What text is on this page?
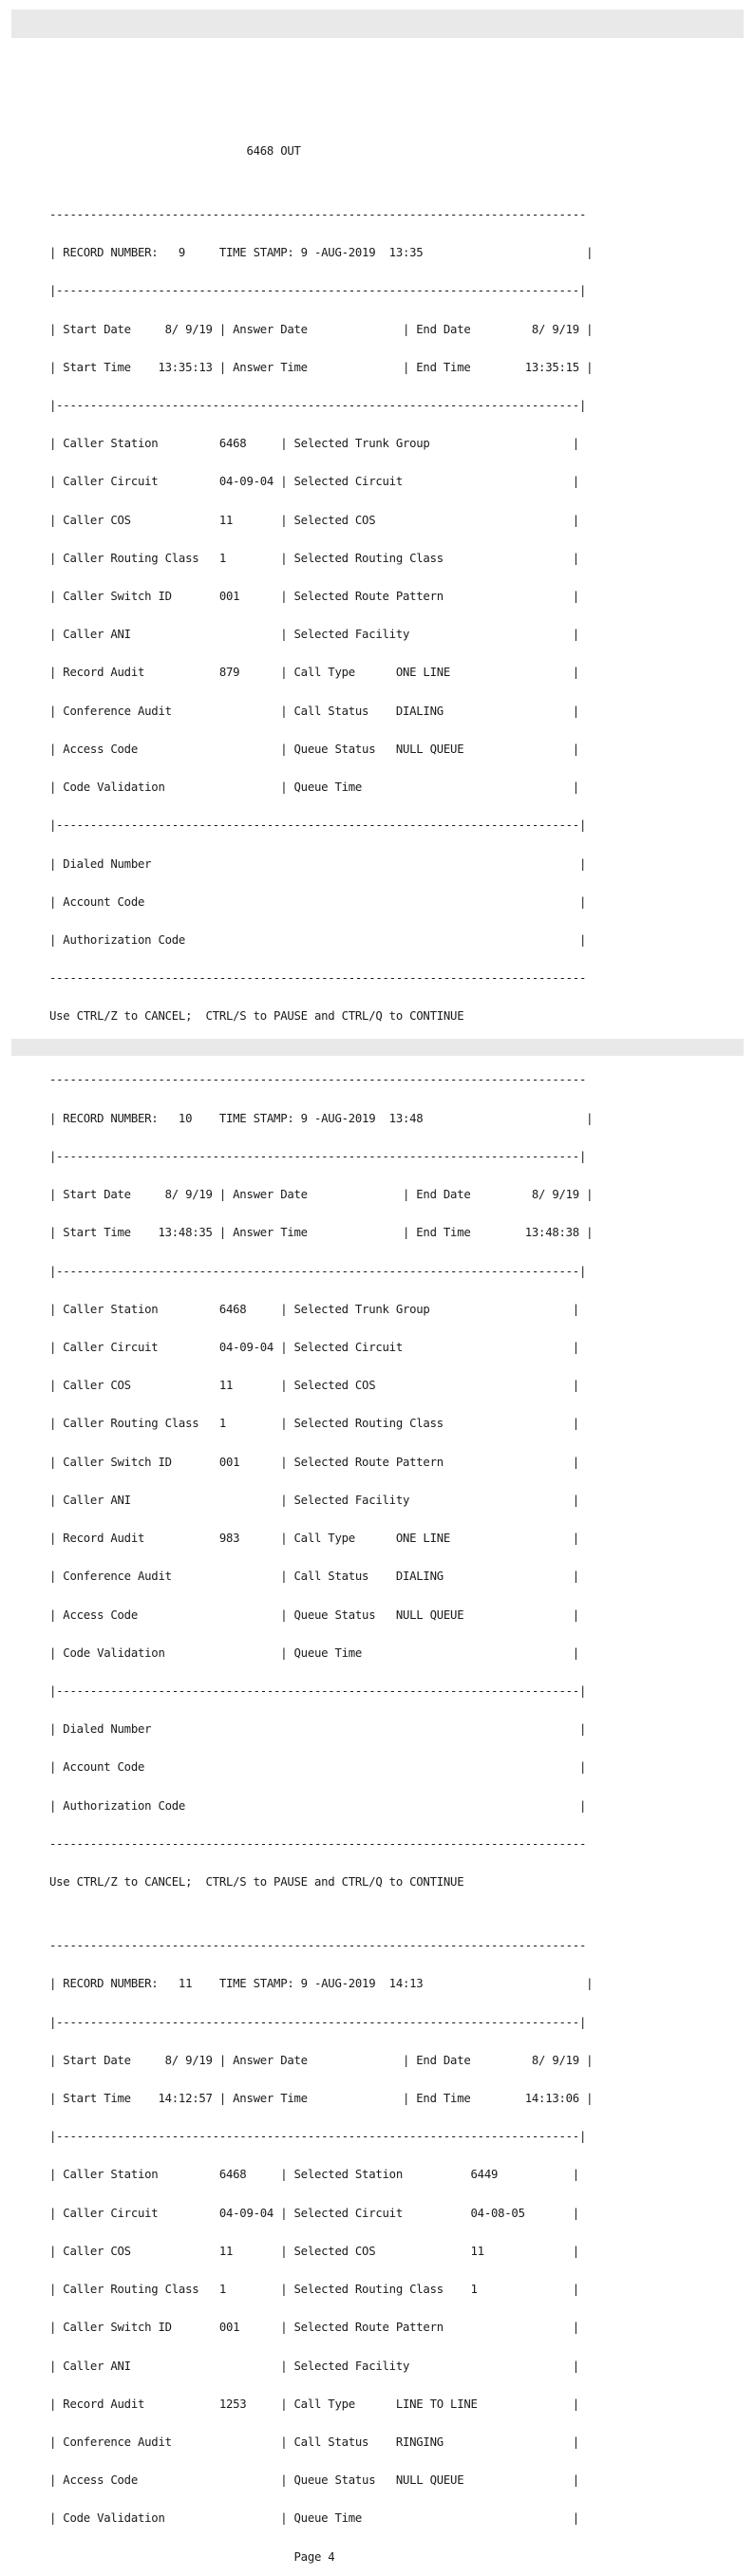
6468 OUT

-------------------------------------------------------------------------------

| RECORD NUMBER:   9     TIME STAMP: 9 -AUG-2019  13:35                        |

|-----------------------------------------------------------------------------|

| Start Date     8/ 9/19 | Answer Date              | End Date         8/ 9/19 |

| Start Time    13:35:13 | Answer Time              | End Time        13:35:15 |

|-----------------------------------------------------------------------------|

| Caller Station         6468     | Selected Trunk Group                     |

| Caller Circuit         04-09-04 | Selected Circuit                         |

| Caller COS             11       | Selected COS                             |

| Caller Routing Class   1        | Selected Routing Class                   |

| Caller Switch ID       001      | Selected Route Pattern                   |

| Caller ANI                      | Selected Facility                        |

| Record Audit           879      | Call Type      ONE LINE                  |

| Conference Audit                | Call Status    DIALING                   |

| Access Code                     | Queue Status   NULL QUEUE                |

| Code Validation                 | Queue Time                               |

|-----------------------------------------------------------------------------|

| Dialed Number                                                               |

| Account Code                                                                |

| Authorization Code                                                          |

-------------------------------------------------------------------------------

Use CTRL/Z to CANCEL;  CTRL/S to PAUSE and CTRL/Q to CONTINUE

-------------------------------------------------------------------------------

| RECORD NUMBER:   10    TIME STAMP: 9 -AUG-2019  13:48                        |

|-----------------------------------------------------------------------------|

| Start Date     8/ 9/19 | Answer Date              | End Date         8/ 9/19 |

| Start Time    13:48:35 | Answer Time              | End Time        13:48:38 |

|-----------------------------------------------------------------------------|

| Caller Station         6468     | Selected Trunk Group                     |

| Caller Circuit         04-09-04 | Selected Circuit                         |

| Caller COS             11       | Selected COS                             |

| Caller Routing Class   1        | Selected Routing Class                   |

| Caller Switch ID       001      | Selected Route Pattern                   |

| Caller ANI                      | Selected Facility                        |

| Record Audit           983      | Call Type      ONE LINE                  |

| Conference Audit                | Call Status    DIALING                   |

| Access Code                     | Queue Status   NULL QUEUE                |

| Code Validation                 | Queue Time                               |

|-----------------------------------------------------------------------------|

| Dialed Number                                                               |

| Account Code                                                                |

| Authorization Code                                                          |

-------------------------------------------------------------------------------

Use CTRL/Z to CANCEL;  CTRL/S to PAUSE and CTRL/Q to CONTINUE

-------------------------------------------------------------------------------

| RECORD NUMBER:   11    TIME STAMP: 9 -AUG-2019  14:13                        |

|-----------------------------------------------------------------------------|

| Start Date     8/ 9/19 | Answer Date              | End Date         8/ 9/19 |

| Start Time    14:12:57 | Answer Time              | End Time        14:13:06 |

|-----------------------------------------------------------------------------|

| Caller Station         6468     | Selected Station          6449           |

| Caller Circuit         04-09-04 | Selected Circuit          04-08-05       |

| Caller COS             11       | Selected COS              11             |

| Caller Routing Class   1        | Selected Routing Class    1              |

| Caller Switch ID       001      | Selected Route Pattern                   |

| Caller ANI                      | Selected Facility                        |

| Record Audit           1253     | Call Type      LINE TO LINE              |

| Conference Audit                | Call Status    RINGING                   |

| Access Code                     | Queue Status   NULL QUEUE                |

| Code Validation                 | Queue Time                               |

Page 4
